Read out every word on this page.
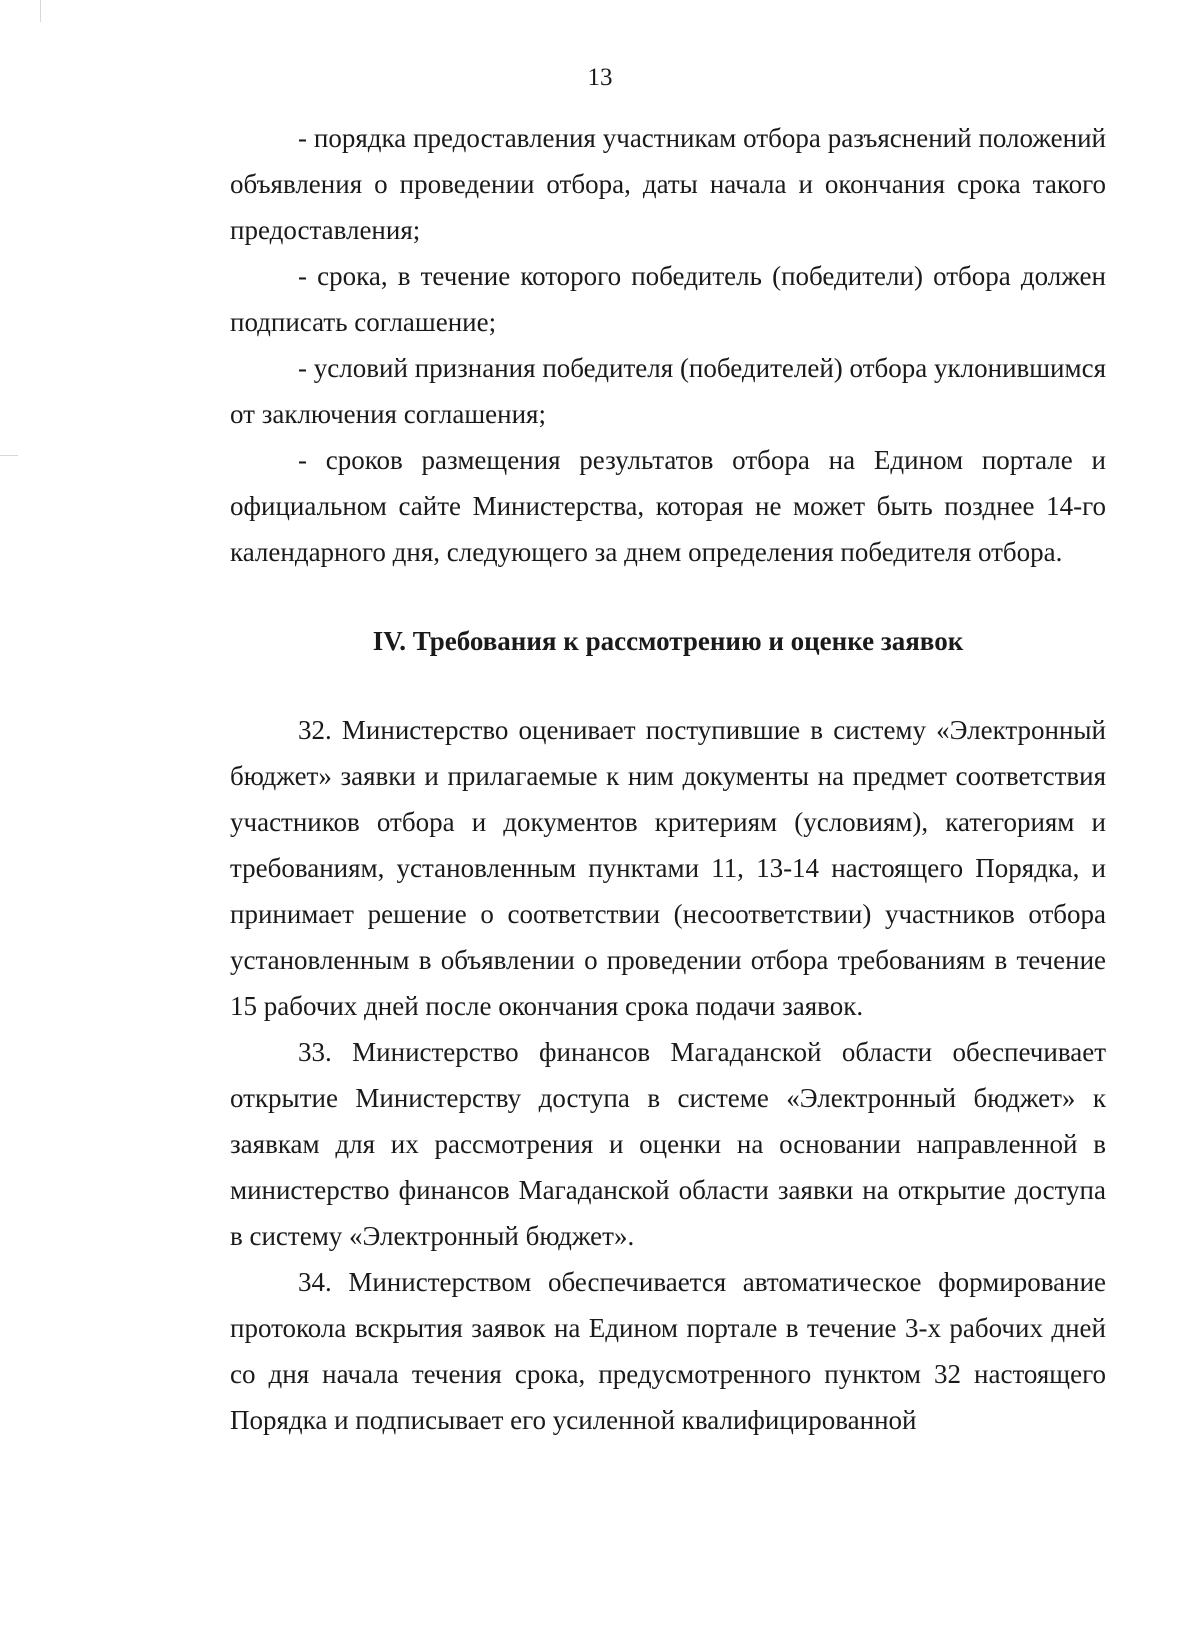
13

- порядка предоставления участникам отбора разъяснений положений объявления о проведении отбора, даты начала и окончания срока такого предоставления;

- срока, в течение которого победитель (победители) отбора должен подписать соглашение;

- условий признания победителя (победителей) отбора уклонившимся от заключения соглашения;

- сроков размещения результатов отбора на Едином портале и официальном сайте Министерства, которая не может быть позднее 14-го календарного дня, следующего за днем определения победителя отбора.

IV. Требования к рассмотрению и оценке заявок

32. Министерство оценивает поступившие в систему «Электронный бюджет» заявки и прилагаемые к ним документы на предмет соответствия участников отбора и документов критериям (условиям), категориям и требованиям, установленным пунктами 11, 13-14 настоящего Порядка, и принимает решение о соответствии (несоответствии) участников отбора установленным в объявлении о проведении отбора требованиям в течение 15 рабочих дней после окончания срока подачи заявок.

33. Министерство финансов Магаданской области обеспечивает открытие Министерству доступа в системе «Электронный бюджет» к заявкам для их рассмотрения и оценки на основании направленной в министерство финансов Магаданской области заявки на открытие доступа в систему «Электронный бюджет».

34. Министерством обеспечивается автоматическое формирование протокола вскрытия заявок на Едином портале в течение 3-х рабочих дней со дня начала течения срока, предусмотренного пунктом 32 настоящего Порядка и подписывает его усиленной квалифицированной
